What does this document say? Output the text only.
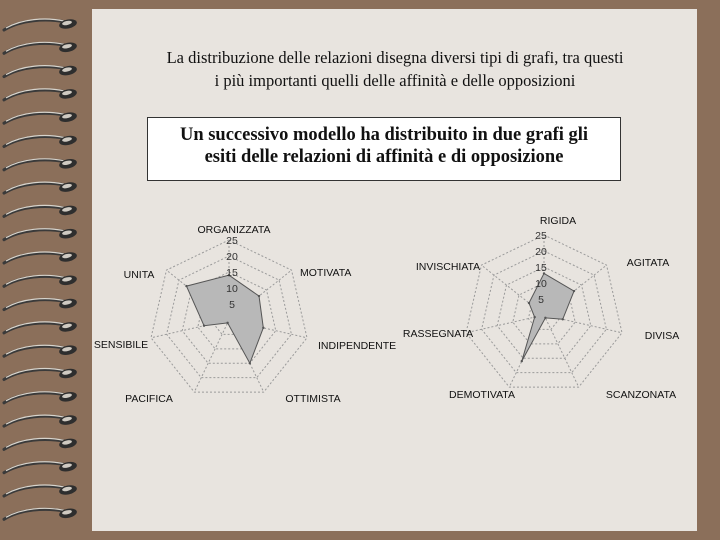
La distribuzione delle relazioni disegna diversi tipi di grafi, tra questi
i più importanti quelli delle affinità e delle opposizioni
Un successivo modello ha distribuito in due grafi gli
esiti delle relazioni di affinità e di opposizione
5
10
15
20
25
ORGANIZZATA
MOTIVATA
INDIPENDENTE
OTTIMISTA
PACIFICA
SENSIBILE
UNITA
5
10
15
20
25
RIGIDA
AGITATA
DIVISA
SCANZONATA
DEMOTIVATA
RASSEGNATA
INVISCHIATA
